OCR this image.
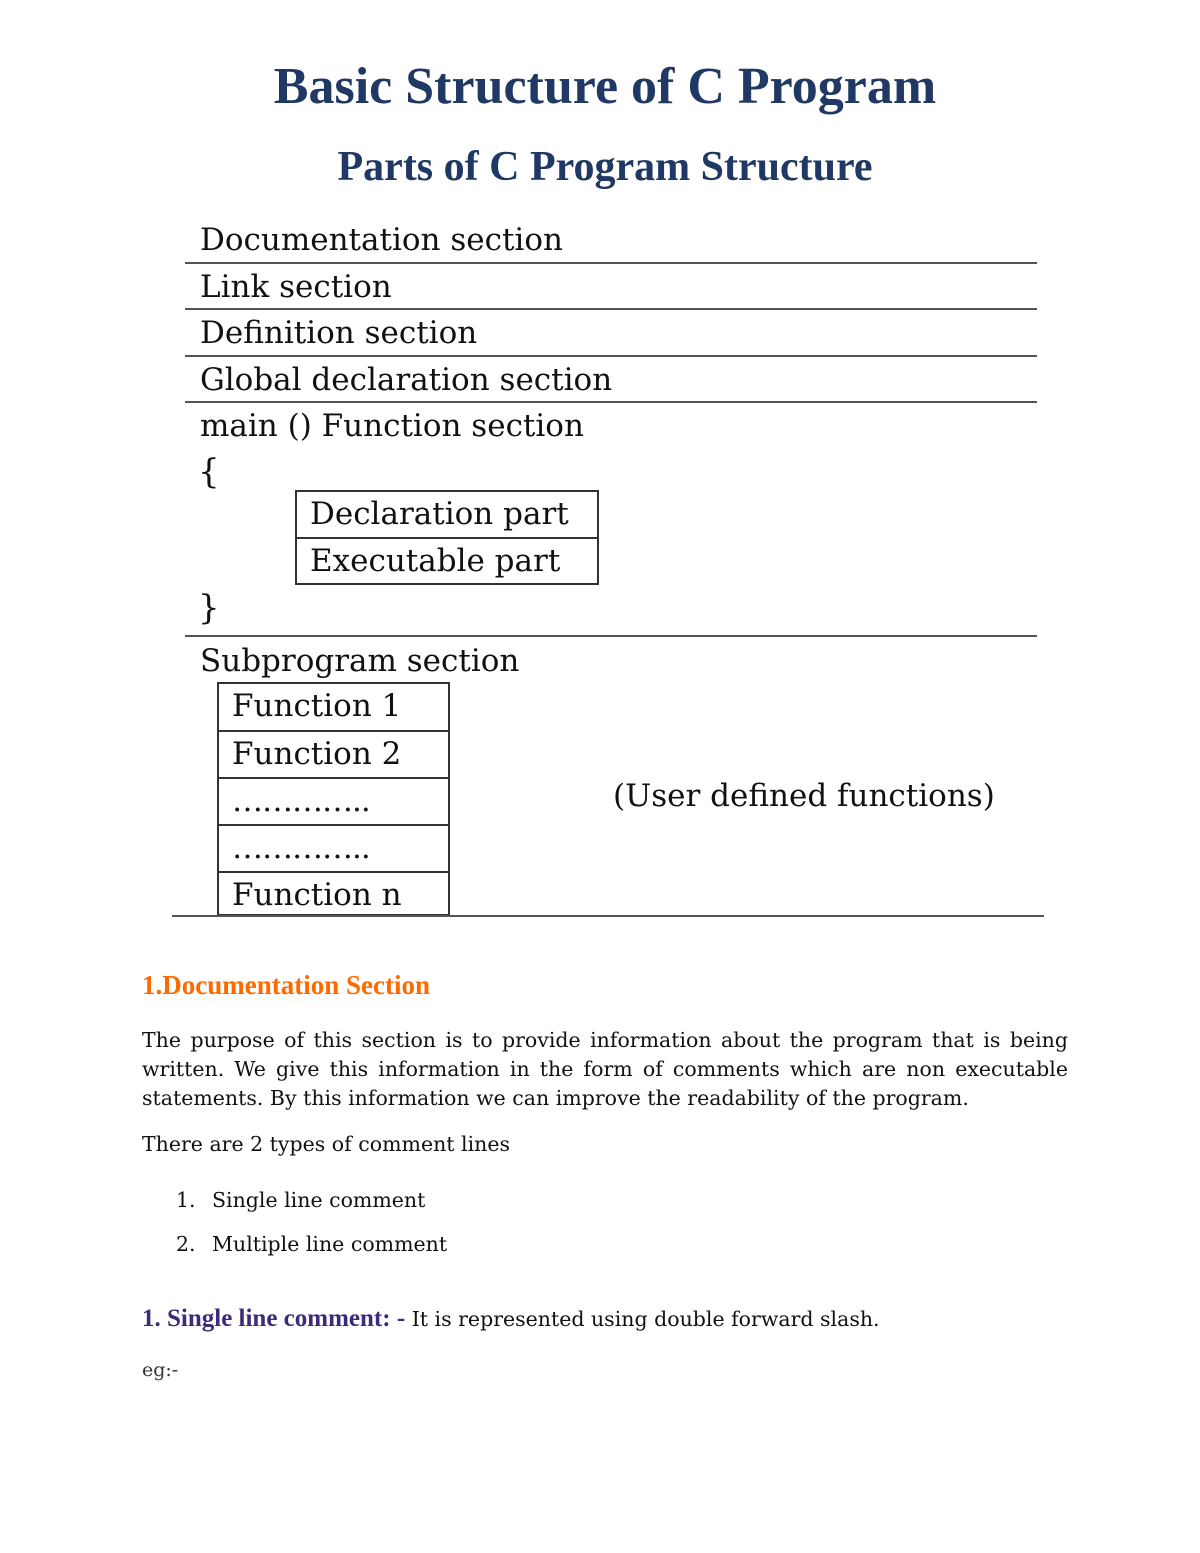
Basic Structure of C Program
Parts of C Program Structure
Documentation section
Link section
Definition section
Global declaration section
main () Function section
{
Declaration part
Executable part
}
Subprogram section
Function 1
Function 2
…………..
…………..
Function n
(User defined functions)
1.Documentation Section
The purpose of this section is to provide information about the program that is being written. We give this information in the form of comments which are non executable statements. By this information we can improve the readability of the program.
There are 2 types of comment lines
1. Single line comment
2. Multiple line comment
1. Single line comment: - It is represented using double forward slash.
eg:-
